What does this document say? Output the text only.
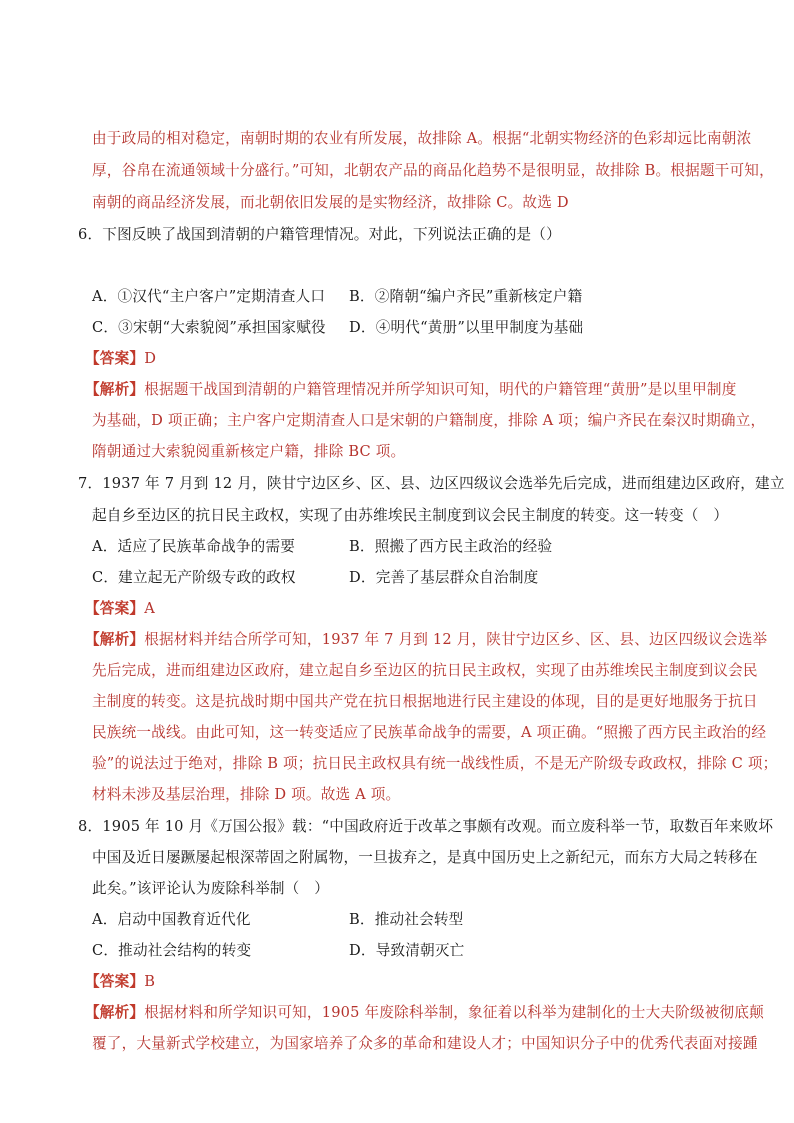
由于政局的相对稳定，南朝时期的农业有所发展，故排除 A。根据“北朝实物经济的色彩却远比南朝浓
厚，谷帛在流通领域十分盛行。”可知，北朝农产品的商品化趋势不是很明显，故排除 B。根据题干可知，
南朝的商品经济发展，而北朝依旧发展的是实物经济，故排除 C。故选 D
6．下图反映了战国到清朝的户籍管理情况。对此，下列说法正确的是（）
A．①汉代“主户客户”定期清查人口 B．②隋朝“编户齐民”重新核定户籍
C．③宋朝“大索貌阅”承担国家赋役 D．④明代“黄册”以里甲制度为基础
【答案】D
【解析】根据题干战国到清朝的户籍管理情况并所学知识可知，明代的户籍管理“黄册”是以里甲制度
为基础，D 项正确；主户客户定期清查人口是宋朝的户籍制度，排除 A 项；编户齐民在秦汉时期确立，
隋朝通过大索貌阅重新核定户籍，排除 BC 项。
7．1937 年 7 月到 12 月，陕甘宁边区乡、区、县、边区四级议会选举先后完成，进而组建边区政府，建立
起自乡至边区的抗日民主政权，实现了由苏维埃民主制度到议会民主制度的转变。这一转变（　）
A．适应了民族革命战争的需要	B．照搬了西方民主政治的经验
C．建立起无产阶级专政的政权	D．完善了基层群众自治制度
【答案】A
【解析】根据材料并结合所学可知，1937 年 7 月到 12 月，陕甘宁边区乡、区、县、边区四级议会选举
先后完成，进而组建边区政府，建立起自乡至边区的抗日民主政权，实现了由苏维埃民主制度到议会民
主制度的转变。这是抗战时期中国共产党在抗日根据地进行民主建设的体现，目的是更好地服务于抗日
民族统一战线。由此可知，这一转变适应了民族革命战争的需要，A 项正确。“照搬了西方民主政治的经
验”的说法过于绝对，排除 B 项；抗日民主政权具有统一战线性质，不是无产阶级专政政权，排除 C 项；
材料未涉及基层治理，排除 D 项。故选 A 项。
8．1905 年 10 月《万国公报》载：“中国政府近于改革之事颇有改观。而立废科举一节，取数百年来败坏
中国及近日屡蹶屡起根深蒂固之附属物，一旦拔弃之，是真中国历史上之新纪元，而东方大局之转移在
此矣。”该评论认为废除科举制（　）
A．启动中国教育近代化	B．推动社会转型
C．推动社会结构的转变	D．导致清朝灭亡
【答案】B
【解析】根据材料和所学知识可知，1905 年废除科举制，象征着以科举为建制化的士大夫阶级被彻底颠
覆了，大量新式学校建立，为国家培养了众多的革命和建设人才；中国知识分子中的优秀代表面对接踵
